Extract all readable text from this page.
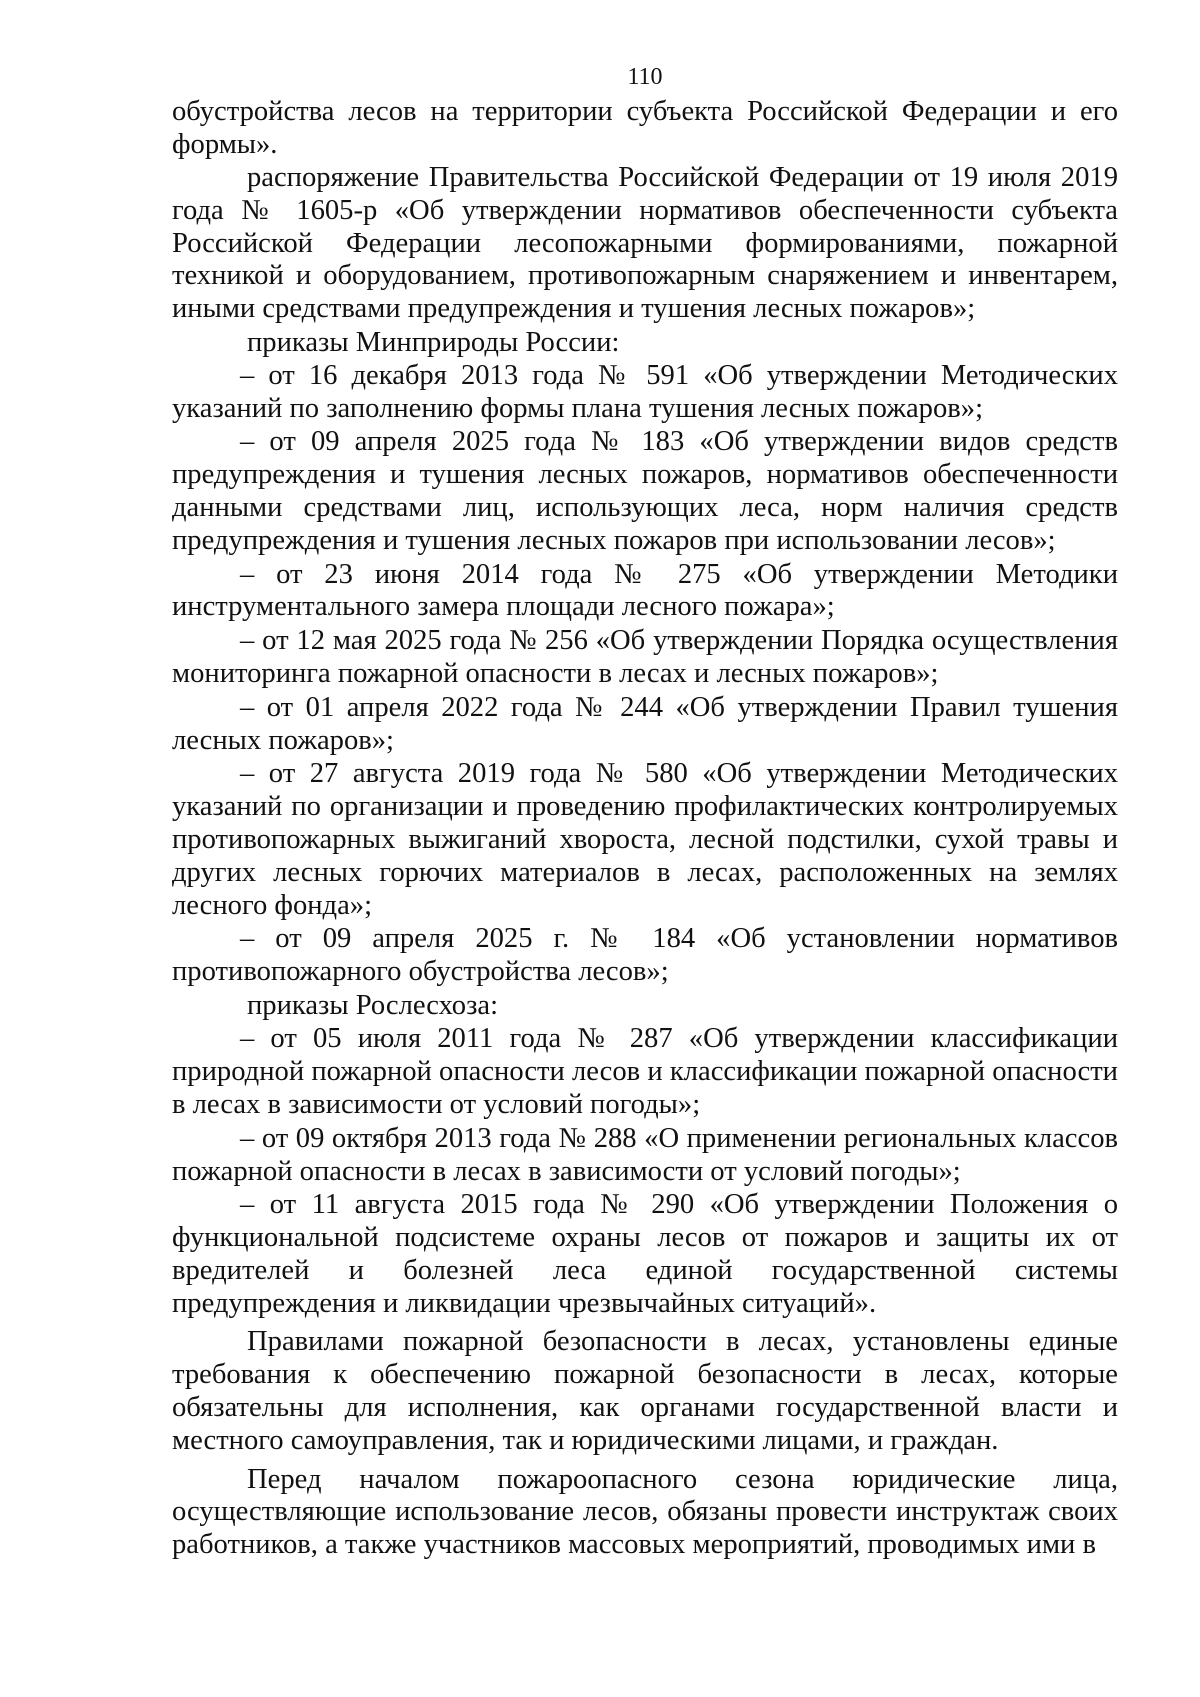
110

обустройства лесов на территории субъекта Российской Федерации и его формы».

распоряжение Правительства Российской Федерации от 19 июля 2019 года № 1605-р «Об утверждении нормативов обеспеченности субъекта Российской Федерации лесопожарными формированиями, пожарной техникой и оборудованием, противопожарным снаряжением и инвентарем, иными средствами предупреждения и тушения лесных пожаров»;

приказы Минприроды России:

– от 16 декабря 2013 года № 591 «Об утверждении Методических указаний по заполнению формы плана тушения лесных пожаров»;

– от 09 апреля 2025 года № 183 «Об утверждении видов средств предупреждения и тушения лесных пожаров, нормативов обеспеченности данными средствами лиц, использующих леса, норм наличия средств предупреждения и тушения лесных пожаров при использовании лесов»;

– от 23 июня 2014 года № 275 «Об утверждении Методики инструментального замера площади лесного пожара»;

– от 12 мая 2025 года № 256 «Об утверждении Порядка осуществления мониторинга пожарной опасности в лесах и лесных пожаров»;

– от 01 апреля 2022 года № 244 «Об утверждении Правил тушения лесных пожаров»;

– от 27 августа 2019 года № 580 «Об утверждении Методических указаний по организации и проведению профилактических контролируемых противопожарных выжиганий хвороста, лесной подстилки, сухой травы и других лесных горючих материалов в лесах, расположенных на землях лесного фонда»;

– от 09 апреля 2025 г. № 184 «Об установлении нормативов противопожарного обустройства лесов»;

приказы Рослесхоза:

– от 05 июля 2011 года № 287 «Об утверждении классификации природной пожарной опасности лесов и классификации пожарной опасности в лесах в зависимости от условий погоды»;

– от 09 октября 2013 года № 288 «О применении региональных классов пожарной опасности в лесах в зависимости от условий погоды»;

– от 11 августа 2015 года № 290 «Об утверждении Положения о функциональной подсистеме охраны лесов от пожаров и защиты их от вредителей и болезней леса единой государственной системы предупреждения и ликвидации чрезвычайных ситуаций».

Правилами пожарной безопасности в лесах, установлены единые требования к обеспечению пожарной безопасности в лесах, которые обязательны для исполнения, как органами государственной власти и местного самоуправления, так и юридическими лицами, и граждан.

Перед началом пожароопасного сезона юридические лица, осуществляющие использование лесов, обязаны провести инструктаж своих работников, а также участников массовых мероприятий, проводимых ими в
